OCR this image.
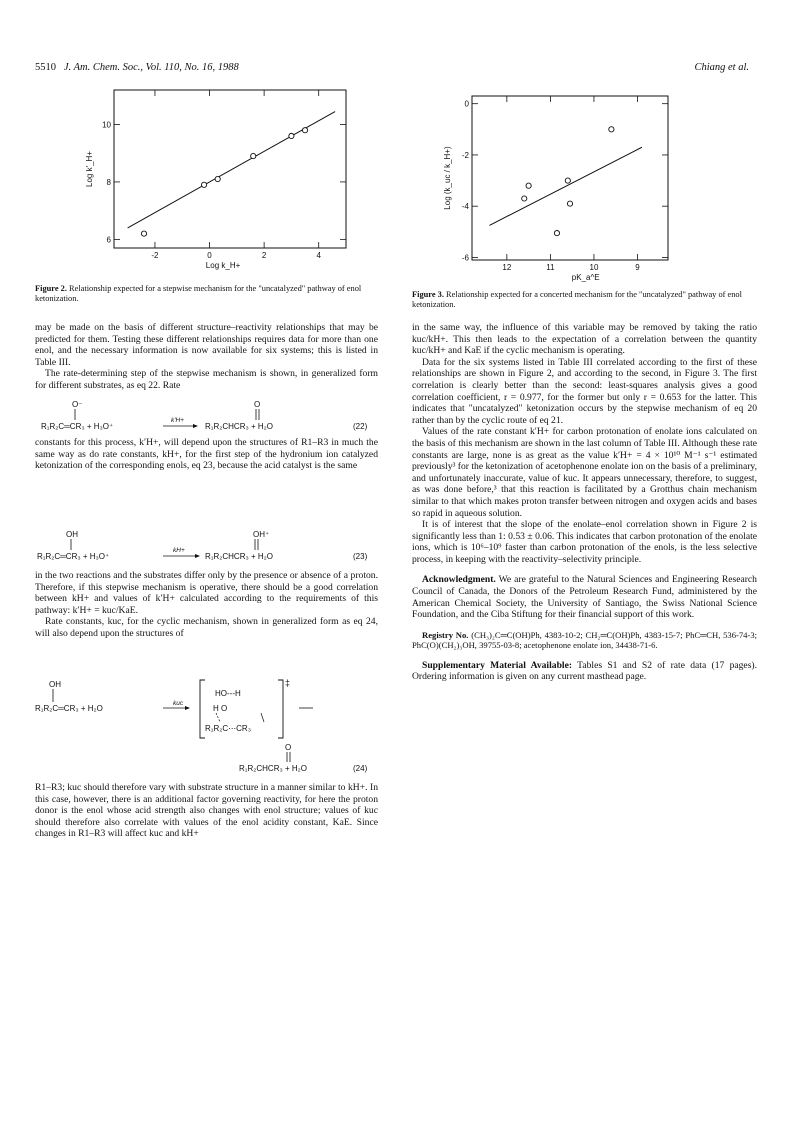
5510 J. Am. Chem. Soc., Vol. 110, No. 16, 1988	Chiang et al.
-2	0	2	4
6
8
10
Log k_H+
Log k'_H+
Figure 2. Relationship expected for a stepwise mechanism for the "uncatalyzed" pathway of enol ketonization.
12	11	10	9
0
-2
-4
-6
pK_a^E
Log (k_uc / k_H+)
Figure 3. Relationship expected for a concerted mechanism for the "uncatalyzed" pathway of enol ketonization.

may be made on the basis of different structure–reactivity relationships that may be predicted for them. Testing these different relationships requires data for more than one enol, and the necessary information is now available for six systems; this is listed in Table III.

The rate-determining step of the stepwise mechanism is shown, in generalized form for different substrates, as eq 22. Rate

O⁻
R₁R₂C═CR₃ + H₃O⁺
k'H+
O
R₁R₂CHCR₃ + H₂O	(22)

constants for this process, k′H+, will depend upon the structures of R1–R3 in much the same way as do rate constants, kH+, for the first step of the hydronium ion catalyzed ketonization of the corresponding enols, eq 23, because the acid catalyst is the same

OH
R₁R₂C═CR₃ + H₃O⁺
kH+
OH⁺
R₁R₂CHCR₃ + H₂O	(23)

in the two reactions and the substrates differ only by the presence or absence of a proton. Therefore, if this stepwise mechanism is operative, there should be a good correlation between kH+ and values of k′H+ calculated according to the requirements of this pathway: k′H+ = kuc/KaE.

Rate constants, kuc, for the cyclic mechanism, shown in generalized form as eq 24, will also depend upon the structures of

OH
R₁R₂C═CR₃ + H₂O
kuc
‡
HO---H
H O
R₁R₂C⋯CR₃
O
R₁R₂CHCR₃ + H₂O	(24)

R1–R3; kuc should therefore vary with substrate structure in a manner similar to kH+. In this case, however, there is an additional factor governing reactivity, for here the proton donor is the enol whose acid strength also changes with enol structure; values of kuc should therefore also correlate with values of the enol acidity constant, KaE. Since changes in R1–R3 will affect kuc and kH+

in the same way, the influence of this variable may be removed by taking the ratio kuc/kH+. This then leads to the expectation of a correlation between the quantity kuc/kH+ and KaE if the cyclic mechanism is operating.

Data for the six systems listed in Table III correlated according to the first of these relationships are shown in Figure 2, and according to the second, in Figure 3. The first correlation is clearly better than the second: least-squares analysis gives a good correlation coefficient, r = 0.977, for the former but only r = 0.653 for the latter. This indicates that "uncatalyzed" ketonization occurs by the stepwise mechanism of eq 20 rather than by the cyclic route of eq 21.

Values of the rate constant k′H+ for carbon protonation of enolate ions calculated on the basis of this mechanism are shown in the last column of Table III. Although these rate constants are large, none is as great as the value k′H+ = 4 × 10¹⁰ M⁻¹ s⁻¹ estimated previously³ for the ketonization of acetophenone enolate ion on the basis of a preliminary, and unfortunately inaccurate, value of kuc. It appears unnecessary, therefore, to suggest, as was done before,³ that this reaction is facilitated by a Grotthus chain mechanism similar to that which makes proton transfer between nitrogen and oxygen acids and bases so rapid in aqueous solution.

It is of interest that the slope of the enolate–enol correlation shown in Figure 2 is significantly less than 1: 0.53 ± 0.06. This indicates that carbon protonation of the enolate ions, which is 10⁶–10⁹ faster than carbon protonation of the enols, is the less selective process, in keeping with the reactivity–selectivity principle.

Acknowledgment. We are grateful to the Natural Sciences and Engineering Research Council of Canada, the Donors of the Petroleum Research Fund, administered by the American Chemical Society, the University of Santiago, the Swiss National Science Foundation, and the Ciba Stiftung for their financial support of this work.

Registry No. (CH₃)₂C═C(OH)Ph, 4383-10-2; CH₂═C(OH)Ph, 4383-15-7; PhC═CH, 536-74-3; PhC(O)(CH₂)₃OH, 39755-03-8; acetophenone enolate ion, 34438-71-6.

Supplementary Material Available: Tables S1 and S2 of rate data (17 pages). Ordering information is given on any current masthead page.
